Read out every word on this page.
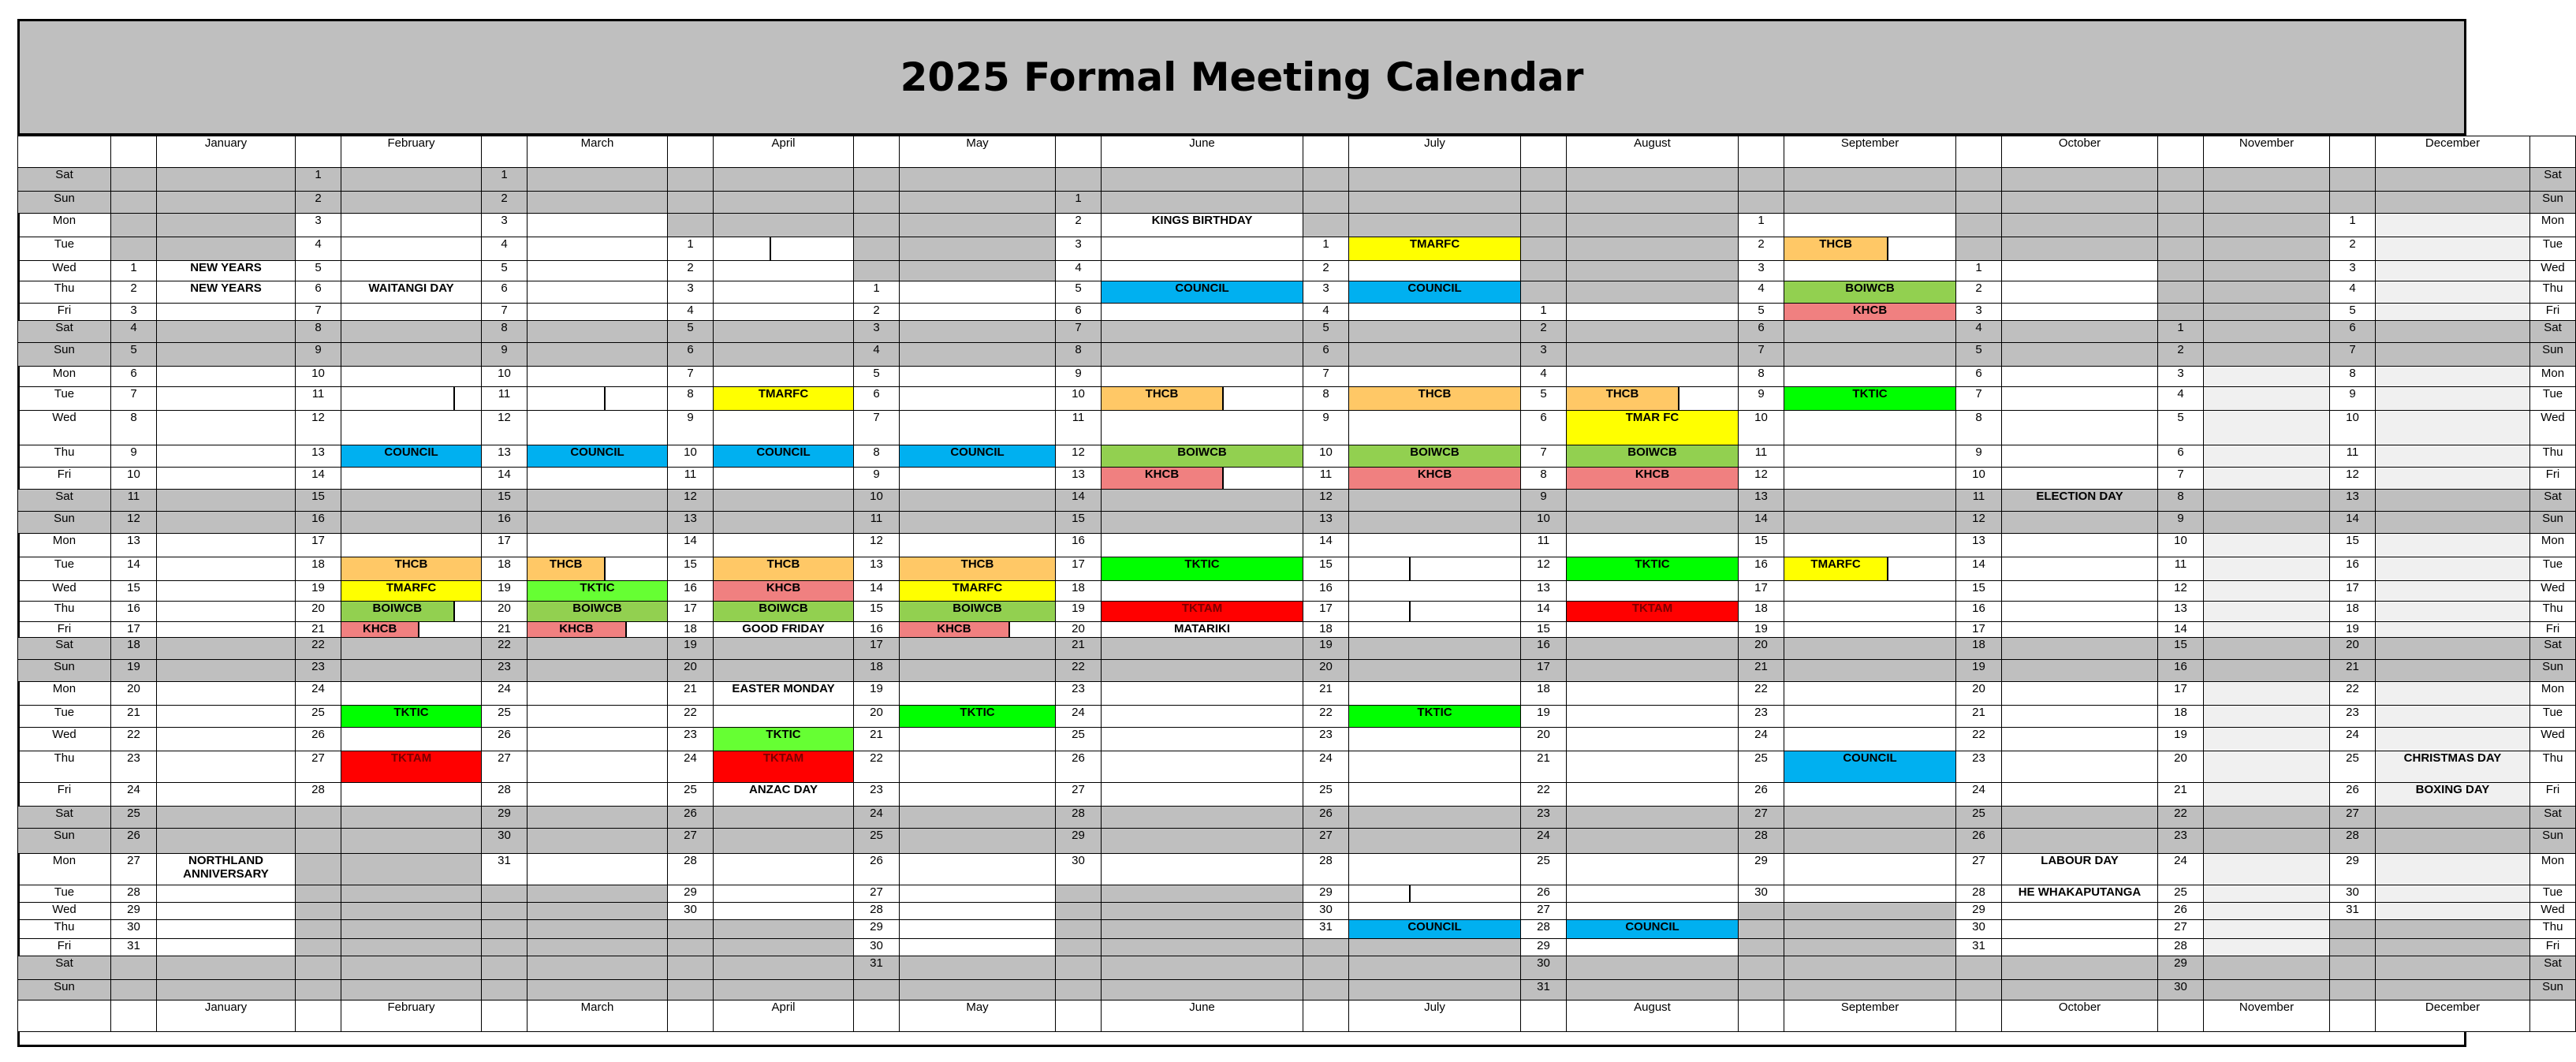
2025 Formal Meeting Calendar
		January		February		March		April		May		June		July		August		September		October		November		December	
Sat			1		1																				Sat
Sun			2		2						1														Sun
Mon			3		3						2	KINGS BIRTHDAY					1						1		Mon
Tue			4		4		1				3		1	TMARFC			2	THCB					2		Tue
Wed	1	NEW YEARS	5		5		2				4		2				3		1				3		Wed
Thu	2	NEW YEARS	6	WAITANGI DAY	6		3		1		5	COUNCIL	3	COUNCIL			4	BOIWCB	2				4		Thu
Fri	3		7		7		4		2		6		4		1		5	KHCB	3				5		Fri
Sat	4		8		8		5		3		7		5		2		6		4		1		6		Sat
Sun	5		9		9		6		4		8		6		3		7		5		2		7		Sun
Mon	6		10		10		7		5		9		7		4		8		6		3		8		Mon
Tue	7		11		11		8	TMARFC	6		10	THCB	8	THCB	5	THCB	9	TKTIC	7		4		9		Tue
Wed	8		12		12		9		7		11		9		6	TMAR FC	10		8		5		10		Wed
Thu	9		13	COUNCIL	13	COUNCIL	10	COUNCIL	8	COUNCIL	12	BOIWCB	10	BOIWCB	7	BOIWCB	11		9		6		11		Thu
Fri	10		14		14		11		9		13	KHCB	11	KHCB	8	KHCB	12		10		7		12		Fri
Sat	11		15		15		12		10		14		12		9		13		11	ELECTION DAY	8		13		Sat
Sun	12		16		16		13		11		15		13		10		14		12		9		14		Sun
Mon	13		17		17		14		12		16		14		11		15		13		10		15		Mon
Tue	14		18	THCB	18	THCB	15	THCB	13	THCB	17	TKTIC	15		12	TKTIC	16	TMARFC	14		11		16		Tue
Wed	15		19	TMARFC	19	TKTIC	16	KHCB	14	TMARFC	18		16		13		17		15		12		17		Wed
Thu	16		20	BOIWCB	20	BOIWCB	17	BOIWCB	15	BOIWCB	19	TKTAM	17		14	TKTAM	18		16		13		18		Thu
Fri	17		21	KHCB	21	KHCB	18	GOOD FRIDAY	16	KHCB	20	MATARIKI	18		15		19		17		14		19		Fri
Sat	18		22		22		19		17		21		19		16		20		18		15		20		Sat
Sun	19		23		23		20		18		22		20		17		21		19		16		21		Sun
Mon	20		24		24		21	EASTER MONDAY	19		23		21		18		22		20		17		22		Mon
Tue	21		25	TKTIC	25		22		20	TKTIC	24		22	TKTIC	19		23		21		18		23		Tue
Wed	22		26		26		23	TKTIC	21		25		23		20		24		22		19		24		Wed
Thu	23		27	TKTAM	27		24	TKTAM	22		26		24		21		25	COUNCIL	23		20		25	CHRISTMAS DAY	Thu
Fri	24		28		28		25	ANZAC DAY	23		27		25		22		26		24		21		26	BOXING DAY	Fri
Sat	25				29		26		24		28		26		23		27		25		22		27		Sat
Sun	26				30		27		25		29		27		24		28		26		23		28		Sun
Mon	27	NORTHLAND ANNIVERSARY			31		28		26		30		28		25		29		27	LABOUR DAY	24		29		Mon
Tue	28						29		27				29		26		30		28	HE WHAKAPUTANGA	25		30		Tue
Wed	29						30		28				30		27				29		26		31		Wed
Thu	30								29				31	COUNCIL	28	COUNCIL			30		27				Thu
Fri	31								30						29				31		28				Fri
Sat									31						30						29				Sat
Sun															31						30				Sun
		January		February		March		April		May		June		July		August		September		October		November		December	
